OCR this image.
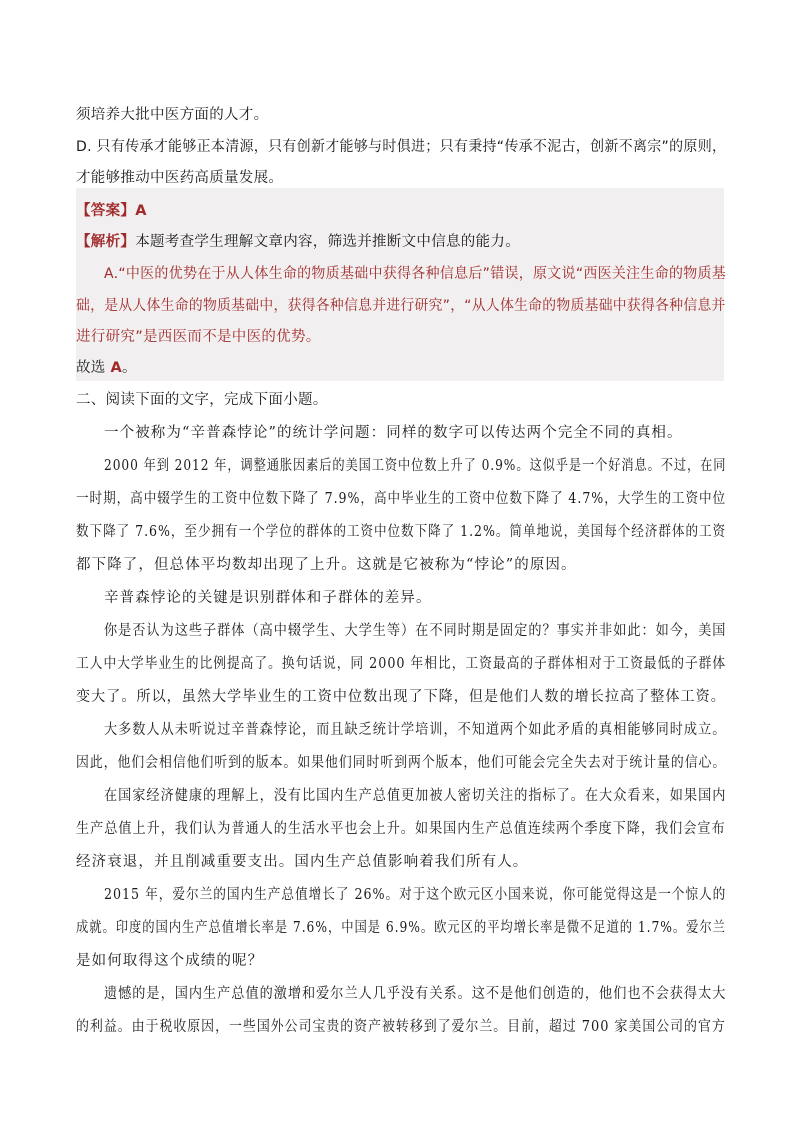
须培养大批中医方面的人才。
D. 只有传承才能够正本清源，只有创新才能够与时俱进；只有秉持“传承不泥古，创新不离宗”的原则，
才能够推动中医药高质量发展。
【答案】A
【解析】本题考查学生理解文章内容，筛选并推断文中信息的能力。
A.“中医的优势在于从人体生命的物质基础中获得各种信息后”错误，原文说“西医关注生命的物质基
础，是从人体生命的物质基础中，获得各种信息并进行研究”，“从人体生命的物质基础中获得各种信息并
进行研究”是西医而不是中医的优势。
故选 A。
二、阅读下面的文字，完成下面小题。
一个被称为“辛普森悖论”的统计学问题：同样的数字可以传达两个完全不同的真相。
2000 年到 2012 年，调整通胀因素后的美国工资中位数上升了 0.9%。这似乎是一个好消息。不过，在同
一时期，高中辍学生的工资中位数下降了 7.9%，高中毕业生的工资中位数下降了 4.7%，大学生的工资中位
数下降了 7.6%，至少拥有一个学位的群体的工资中位数下降了 1.2%。简单地说，美国每个经济群体的工资
都下降了，但总体平均数却出现了上升。这就是它被称为“悖论”的原因。
辛普森悖论的关键是识别群体和子群体的差异。
你是否认为这些子群体（高中辍学生、大学生等）在不同时期是固定的？事实并非如此：如今，美国
工人中大学毕业生的比例提高了。换句话说，同 2000 年相比，工资最高的子群体相对于工资最低的子群体
变大了。所以，虽然大学毕业生的工资中位数出现了下降，但是他们人数的增长拉高了整体工资。
大多数人从未听说过辛普森悖论，而且缺乏统计学培训，不知道两个如此矛盾的真相能够同时成立。
因此，他们会相信他们听到的版本。如果他们同时听到两个版本，他们可能会完全失去对于统计量的信心。
在国家经济健康的理解上，没有比国内生产总值更加被人密切关注的指标了。在大众看来，如果国内
生产总值上升，我们认为普通人的生活水平也会上升。如果国内生产总值连续两个季度下降，我们会宣布
经济衰退，并且削减重要支出。国内生产总值影响着我们所有人。
2015 年，爱尔兰的国内生产总值增长了 26%。对于这个欧元区小国来说，你可能觉得这是一个惊人的
成就。印度的国内生产总值增长率是 7.6%，中国是 6.9%。欧元区的平均增长率是微不足道的 1.7%。爱尔兰
是如何取得这个成绩的呢？
遗憾的是，国内生产总值的激增和爱尔兰人几乎没有关系。这不是他们创造的，他们也不会获得太大
的利益。由于税收原因，一些国外公司宝贵的资产被转移到了爱尔兰。目前，超过 700 家美国公司的官方
